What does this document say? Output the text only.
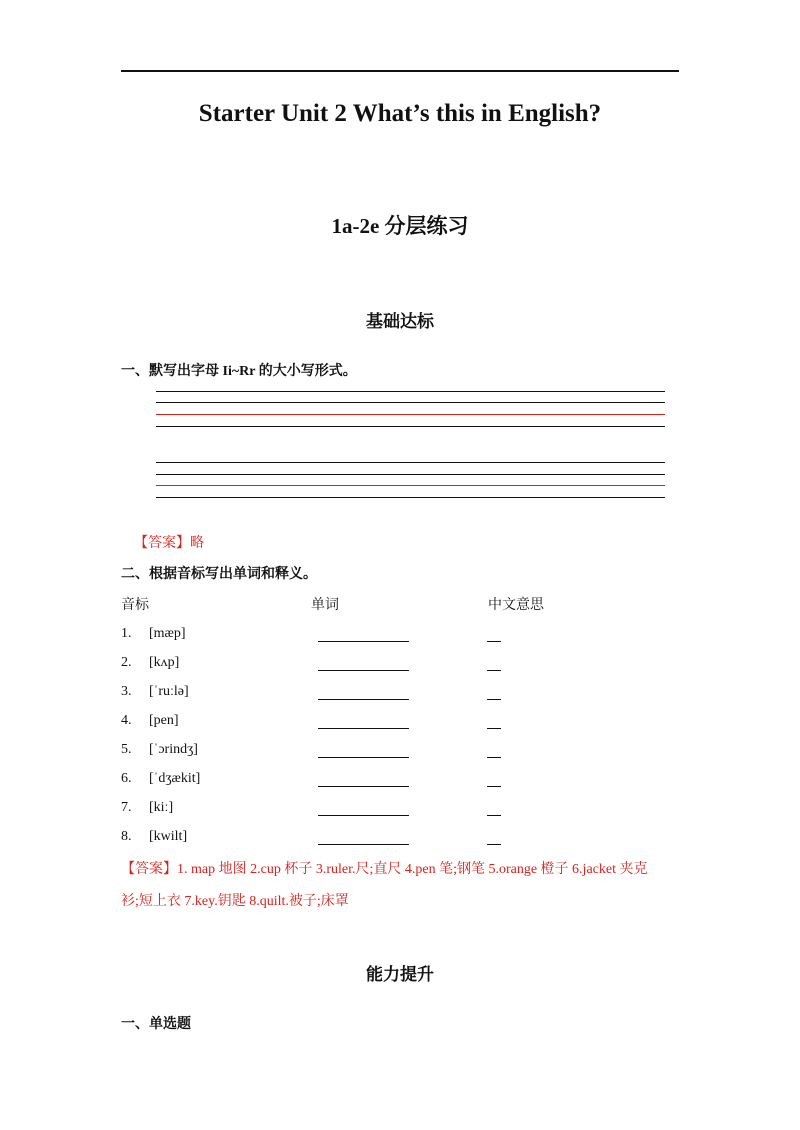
Starter Unit 2 What’s this in English?
1a-2e 分层练习
基础达标
一、默写出字母 Ii~Rr 的大小写形式。
【答案】略
二、根据音标写出单词和释义。
音标	单词	中文意思
1. [mæp]
2. [kʌp]
3. [ˈruːlə]
4. [pen]
5. [ˈɔrindʒ]
6. [ˈdʒækit]
7. [kiː]
8. [kwilt]
【答案】1. map 地图 2.cup 杯子 3.ruler.尺;直尺 4.pen 笔;钢笔 5.orange 橙子 6.jacket 夹克
衫;短上衣 7.key.钥匙 8.quilt.被子;床罩
能力提升
一、单选题
